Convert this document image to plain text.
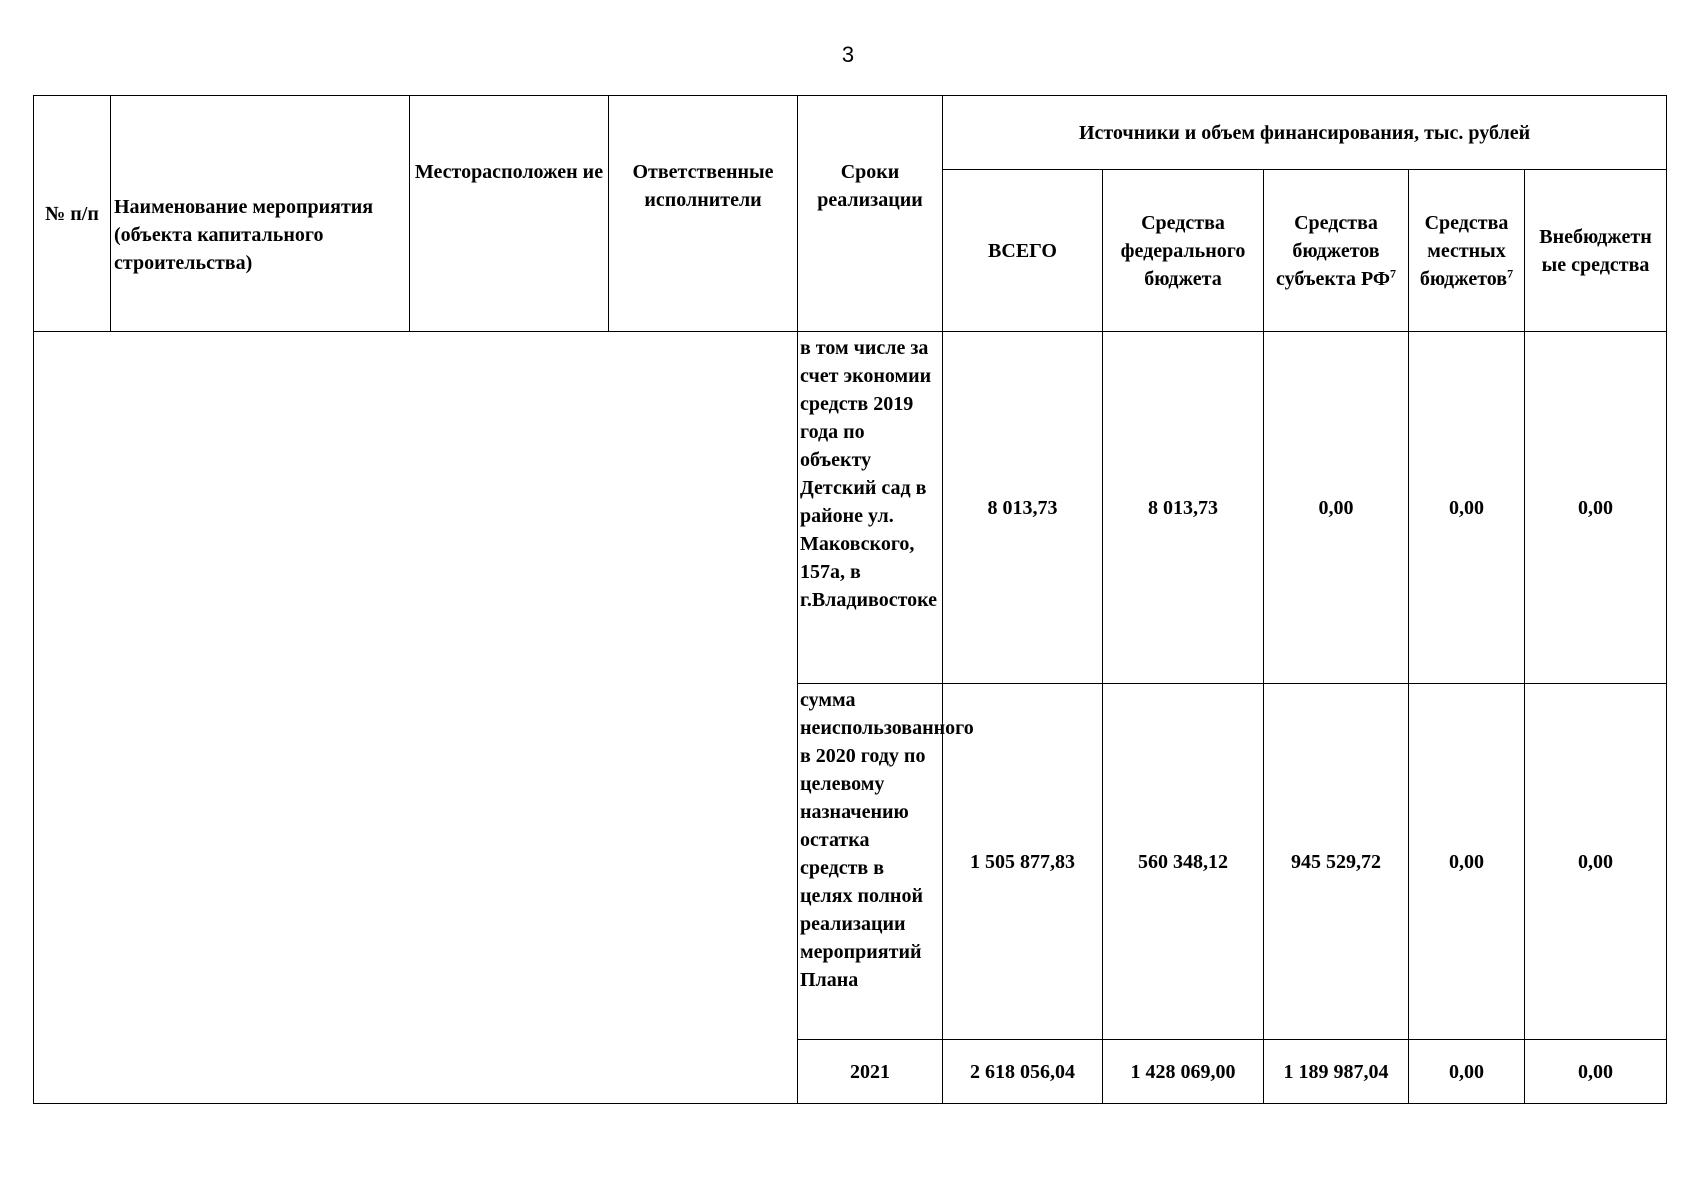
3
№ п/п	Наименование мероприятия (объекта капитального строительства)	Месторасположен ие	Ответственные исполнители	Сроки реализации	Источники и объем финансирования, тыс. рублей				
					ВСЕГО	Средства федерального бюджета	Средства бюджетов субъекта $РФ^7$	Средства местных бюджетов$^7$	Внебюджетн ые средства
				в том числе за счет экономии средств 2019 года по объекту Детский сад в районе ул. Маковского, 157а, в г.Владивостоке	8 013,73	8 013,73	0,00	0,00	0,00
				сумма неиспользованного в 2020 году по целевому назначению остатка средств в целях полной реализации мероприятий Плана	1 505 877,83	560 348,12	945 529,72	0,00	0,00
				2021	2 618 056,04	1 428 069,00	1 189 987,04	0,00	0,00
